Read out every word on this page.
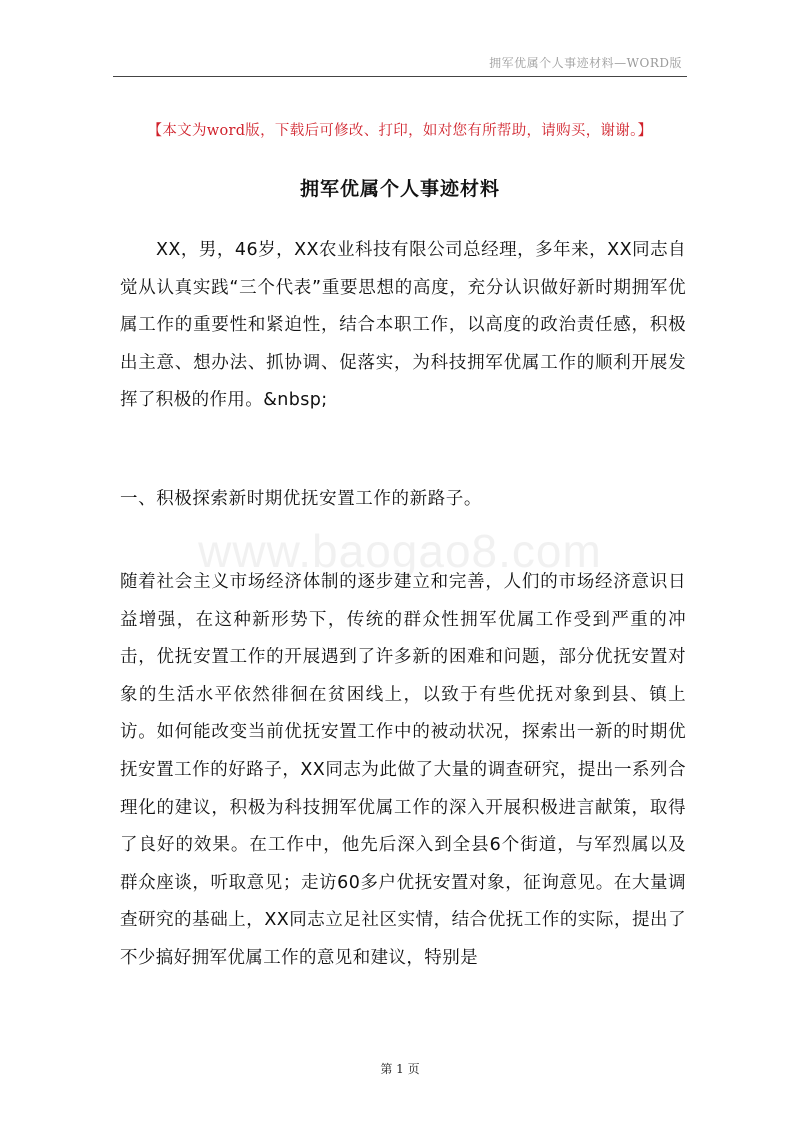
拥军优属个人事迹材料—WORD版
【本文为word版，下载后可修改、打印，如对您有所帮助，请购买，谢谢。】
拥军优属个人事迹材料

XX，男，46岁，XX农业科技有限公司总经理，多年来，XX同志自觉从认真实践“三个代表”重要思想的高度，充分认识做好新时期拥军优属工作的重要性和紧迫性，结合本职工作，以高度的政治责任感，积极出主意、想办法、抓协调、促落实，为科技拥军优属工作的顺利开展发挥了积极的作用。&nbsp;

一、积极探索新时期优抚安置工作的新路子。
www.baogao8.com

随着社会主义市场经济体制的逐步建立和完善，人们的市场经济意识日益增强，在这种新形势下，传统的群众性拥军优属工作受到严重的冲击，优抚安置工作的开展遇到了许多新的困难和问题，部分优抚安置对象的生活水平依然徘徊在贫困线上，以致于有些优抚对象到县、镇上访。如何能改变当前优抚安置工作中的被动状况，探索出一新的时期优抚安置工作的好路子，XX同志为此做了大量的调查研究，提出一系列合理化的建议，积极为科技拥军优属工作的深入开展积极进言献策，取得了良好的效果。在工作中，他先后深入到全县6个街道，与军烈属以及群众座谈，听取意见；走访60多户优抚安置对象，征询意见。在大量调查研究的基础上，XX同志立足社区实情，结合优抚工作的实际，提出了不少搞好拥军优属工作的意见和建议，特别是

第 1 页
